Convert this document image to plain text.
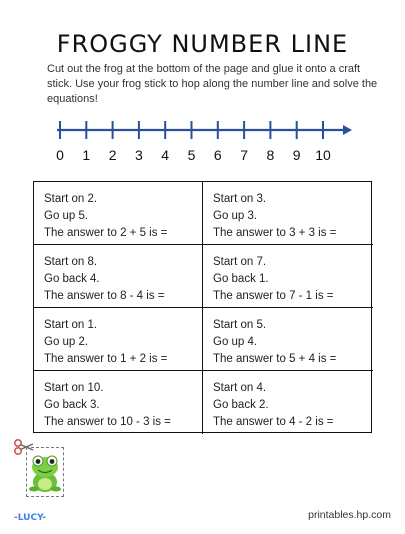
FROGGY NUMBER LINE
Cut out the frog at the bottom of the page and glue it onto a craft stick. Use your frog stick to hop along the number line and solve the equations!
0 1 2 3 4 5 6 7 8 9 10
Start on 2.
Go up 5.
The answer to 2 + 5 is =
Start on 3.
Go up 3.
The answer to 3 + 3 is =
Start on 8.
Go back 4.
The answer to 8 - 4 is =
Start on 7.
Go back 1.
The answer to 7 - 1 is =
Start on 1.
Go up 2.
The answer to 1 + 2 is =
Start on 5.
Go up 4.
The answer to 5 + 4 is =
Start on 10.
Go back 3.
The answer to 10 - 3 is =
Start on 4.
Go back 2.
The answer to 4 - 2 is =
-LUCY-	printables.hp.com
